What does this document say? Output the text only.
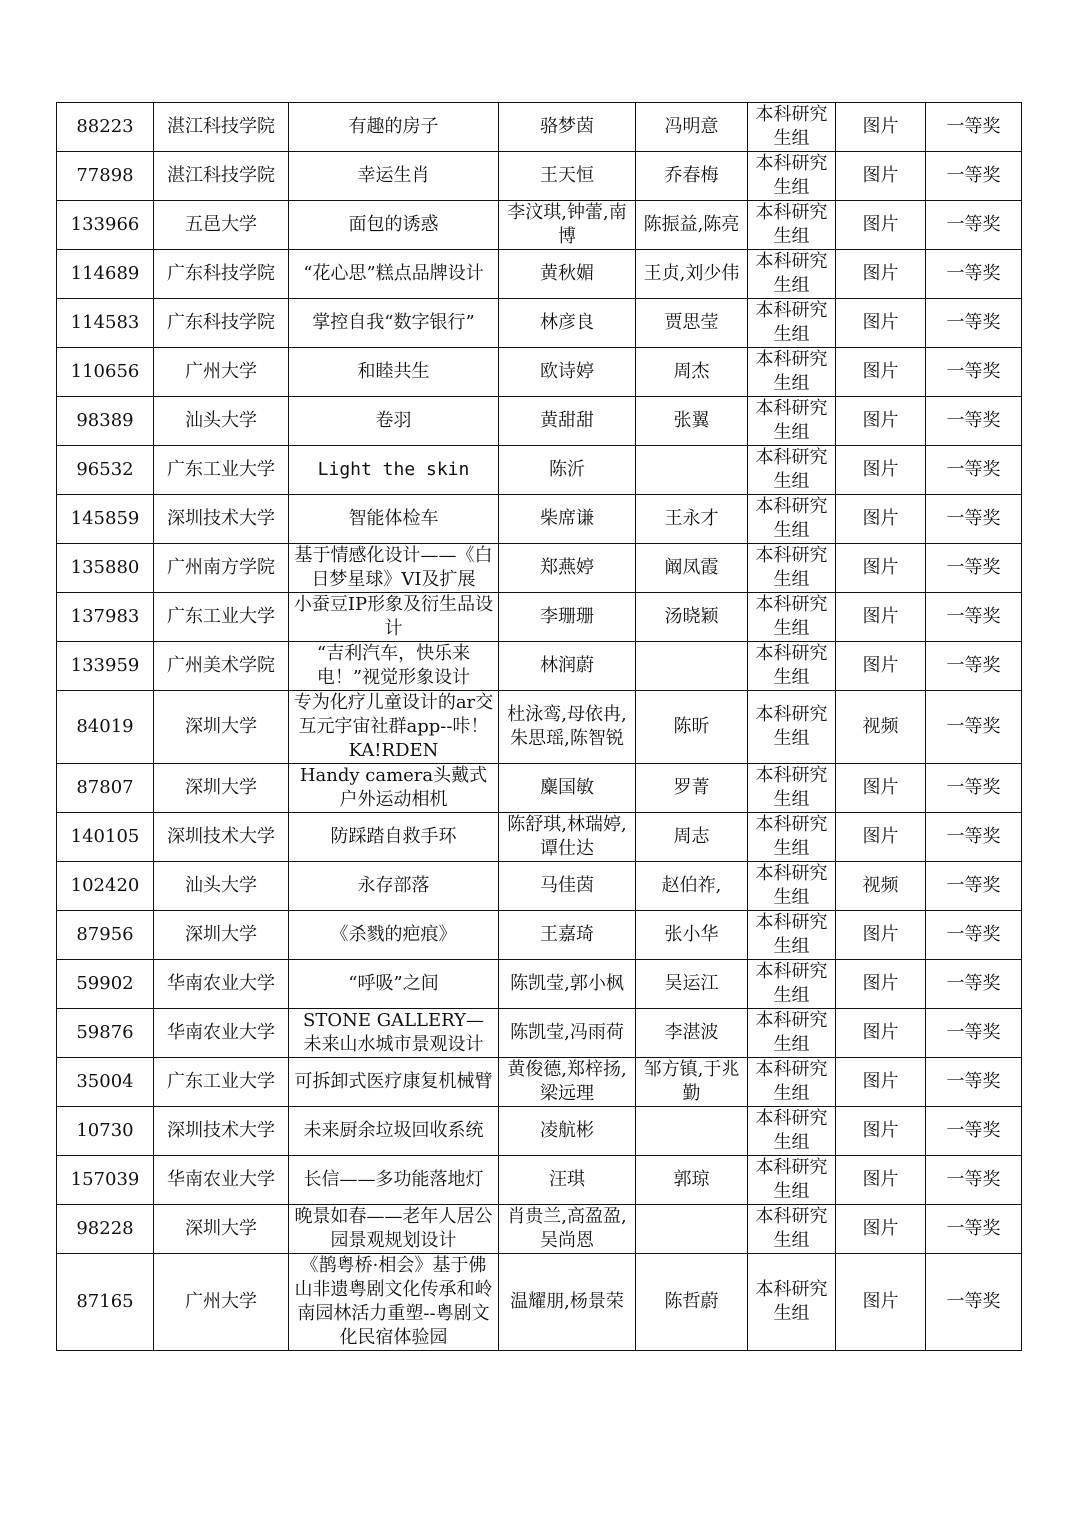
88223	湛江科技学院	有趣的房子	骆梦茵	冯明意	本科研究生组	图片	一等奖
77898	湛江科技学院	幸运生肖	王天恒	乔春梅	本科研究生组	图片	一等奖
133966	五邑大学	面包的诱惑	李汶琪,钟蕾,南博	陈振益,陈亮	本科研究生组	图片	一等奖
114689	广东科技学院	“花心思”糕点品牌设计	黄秋媚	王贞,刘少伟	本科研究生组	图片	一等奖
114583	广东科技学院	掌控自我“数字银行”	林彦良	贾思莹	本科研究生组	图片	一等奖
110656	广州大学	和睦共生	欧诗婷	周杰	本科研究生组	图片	一等奖
98389	汕头大学	卷羽	黄甜甜	张翼	本科研究生组	图片	一等奖
96532	广东工业大学	Light the skin	陈沂		本科研究生组	图片	一等奖
145859	深圳技术大学	智能体检车	柴席谦	王永才	本科研究生组	图片	一等奖
135880	广州南方学院	基于情感化设计——《白日梦星球》VI及扩展	郑燕婷	阚凤霞	本科研究生组	图片	一等奖
137983	广东工业大学	小蚕豆IP形象及衍生品设计	李珊珊	汤晓颖	本科研究生组	图片	一等奖
133959	广州美术学院	“吉利汽车，快乐来电！”视觉形象设计	林润蔚		本科研究生组	图片	一等奖
84019	深圳大学	专为化疗儿童设计的ar交互元宇宙社群app--咔！KA!RDEN	杜泳鸾,母依冉,朱思瑶,陈智锐	陈昕	本科研究生组	视频	一等奖
87807	深圳大学	Handy camera头戴式户外运动相机	麋国敏	罗菁	本科研究生组	图片	一等奖
140105	深圳技术大学	防踩踏自救手环	陈舒琪,林瑞婷,谭仕达	周志	本科研究生组	图片	一等奖
102420	汕头大学	永存部落	马佳茵	赵伯祚,	本科研究生组	视频	一等奖
87956	深圳大学	《杀戮的疤痕》	王嘉琦	张小华	本科研究生组	图片	一等奖
59902	华南农业大学	“呼吸”之间	陈凯莹,郭小枫	吴运江	本科研究生组	图片	一等奖
59876	华南农业大学	STONE GALLERY— 未来山水城市景观设计	陈凯莹,冯雨荷	李湛波	本科研究生组	图片	一等奖
35004	广东工业大学	可拆卸式医疗康复机械臂	黄俊德,郑梓扬,梁远理	邹方镇,于兆勤	本科研究生组	图片	一等奖
10730	深圳技术大学	未来厨余垃圾回收系统	凌航彬		本科研究生组	图片	一等奖
157039	华南农业大学	长信——多功能落地灯	汪琪	郭琼	本科研究生组	图片	一等奖
98228	深圳大学	晚景如春——老年人居公园景观规划设计	肖贵兰,高盈盈,吴尚恩		本科研究生组	图片	一等奖
87165	广州大学	《鹊粤桥·相会》基于佛山非遗粤剧文化传承和岭南园林活力重塑--粤剧文化民宿体验园	温耀朋,杨景荣	陈哲蔚	本科研究生组	图片	一等奖
